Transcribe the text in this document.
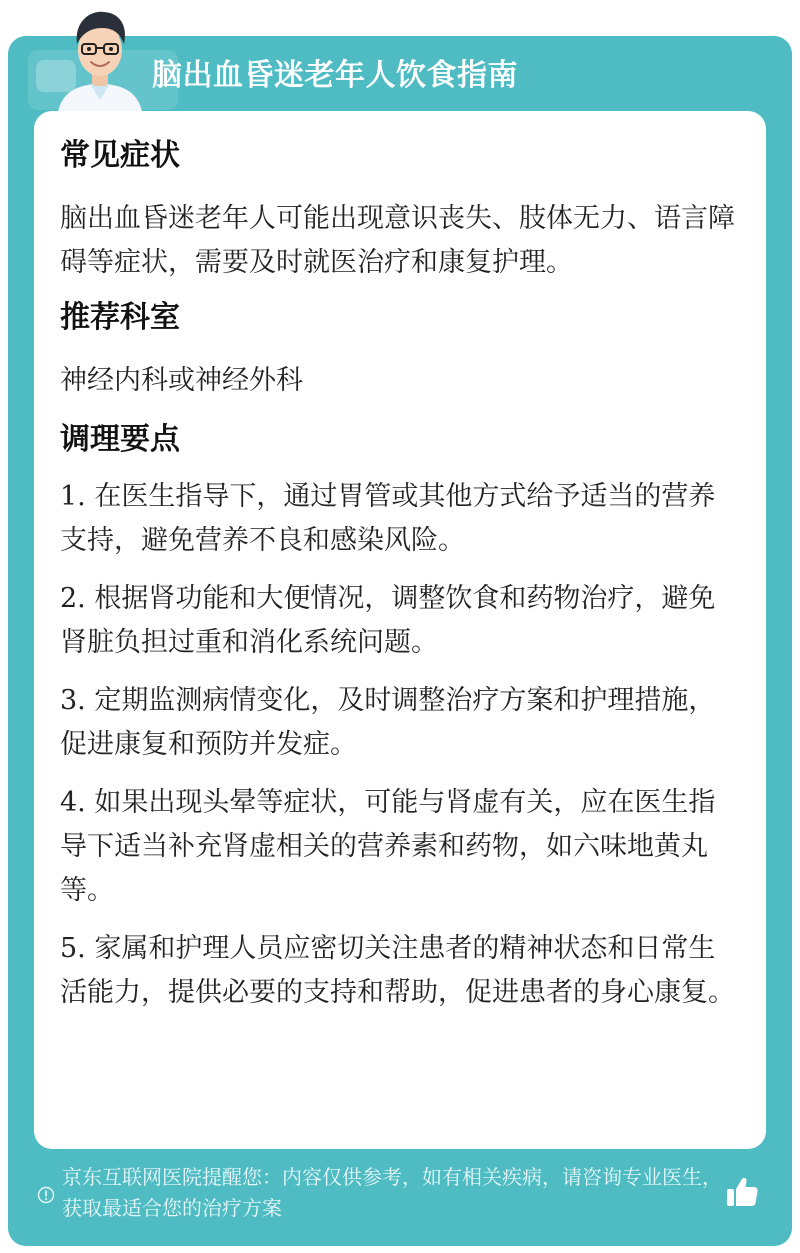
脑出血昏迷老年人饮食指南
常见症状

脑出血昏迷老年人可能出现意识丧失、肢体无力、语言障碍等症状，需要及时就医治疗和康复护理。

推荐科室

神经内科或神经外科

调理要点
1. 在医生指导下，通过胃管或其他方式给予适当的营养支持，避免营养不良和感染风险。
2. 根据肾功能和大便情况，调整饮食和药物治疗，避免肾脏负担过重和消化系统问题。
3. 定期监测病情变化，及时调整治疗方案和护理措施，促进康复和预防并发症。
4. 如果出现头晕等症状，可能与肾虚有关，应在医生指导下适当补充肾虚相关的营养素和药物，如六味地黄丸等。
5. 家属和护理人员应密切关注患者的精神状态和日常生活能力，提供必要的支持和帮助，促进患者的身心康复。
京东互联网医院提醒您：内容仅供参考，如有相关疾病，请咨询专业医生，获取最适合您的治疗方案
